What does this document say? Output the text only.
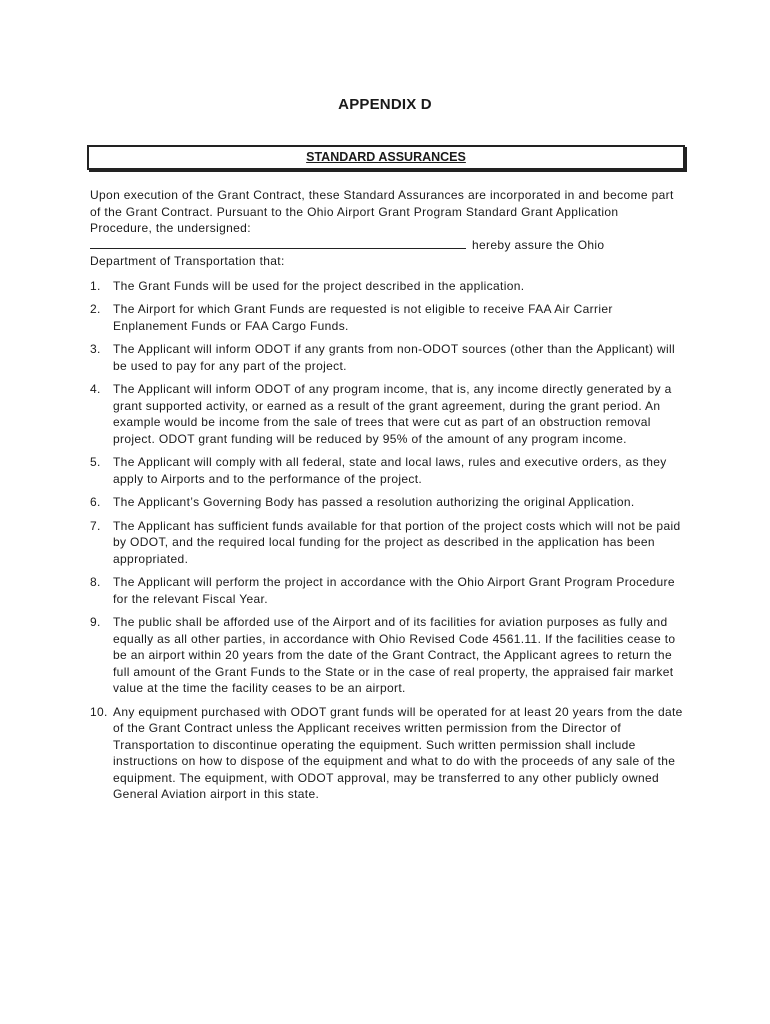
APPENDIX D
STANDARD ASSURANCES

Upon execution of the Grant Contract, these Standard Assurances are incorporated in and become part of the Grant Contract. Pursuant to the Ohio Airport Grant Program Standard Grant Application Procedure, the undersigned:

hereby assure the Ohio

Department of Transportation that:

1.	The Grant Funds will be used for the project described in the application.
2.	The Airport for which Grant Funds are requested is not eligible to receive FAA Air Carrier Enplanement Funds or FAA Cargo Funds.
3.	The Applicant will inform ODOT if any grants from non-ODOT sources (other than the Applicant) will be used to pay for any part of the project.
4.	The Applicant will inform ODOT of any program income, that is, any income directly generated by a grant supported activity, or earned as a result of the grant agreement, during the grant period. An example would be income from the sale of trees that were cut as part of an obstruction removal project. ODOT grant funding will be reduced by 95% of the amount of any program income.
5.	The Applicant will comply with all federal, state and local laws, rules and executive orders, as they apply to Airports and to the performance of the project.
6.	The Applicant’s Governing Body has passed a resolution authorizing the original Application.
7.	The Applicant has sufficient funds available for that portion of the project costs which will not be paid by ODOT, and the required local funding for the project as described in the application has been appropriated.
8.	The Applicant will perform the project in accordance with the Ohio Airport Grant Program Procedure for the relevant Fiscal Year.
9.	The public shall be afforded use of the Airport and of its facilities for aviation purposes as fully and equally as all other parties, in accordance with Ohio Revised Code 4561.11. If the facilities cease to be an airport within 20 years from the date of the Grant Contract, the Applicant agrees to return the full amount of the Grant Funds to the State or in the case of real property, the appraised fair market value at the time the facility ceases to be an airport.
10. Any equipment purchased with ODOT grant funds will be operated for at least 20 years from the date of the Grant Contract unless the Applicant receives written permission from the Director of Transportation to discontinue operating the equipment. Such written permission shall include instructions on how to dispose of the equipment and what to do with the proceeds of any sale of the equipment. The equipment, with ODOT approval, may be transferred to any other publicly owned General Aviation airport in this state.
